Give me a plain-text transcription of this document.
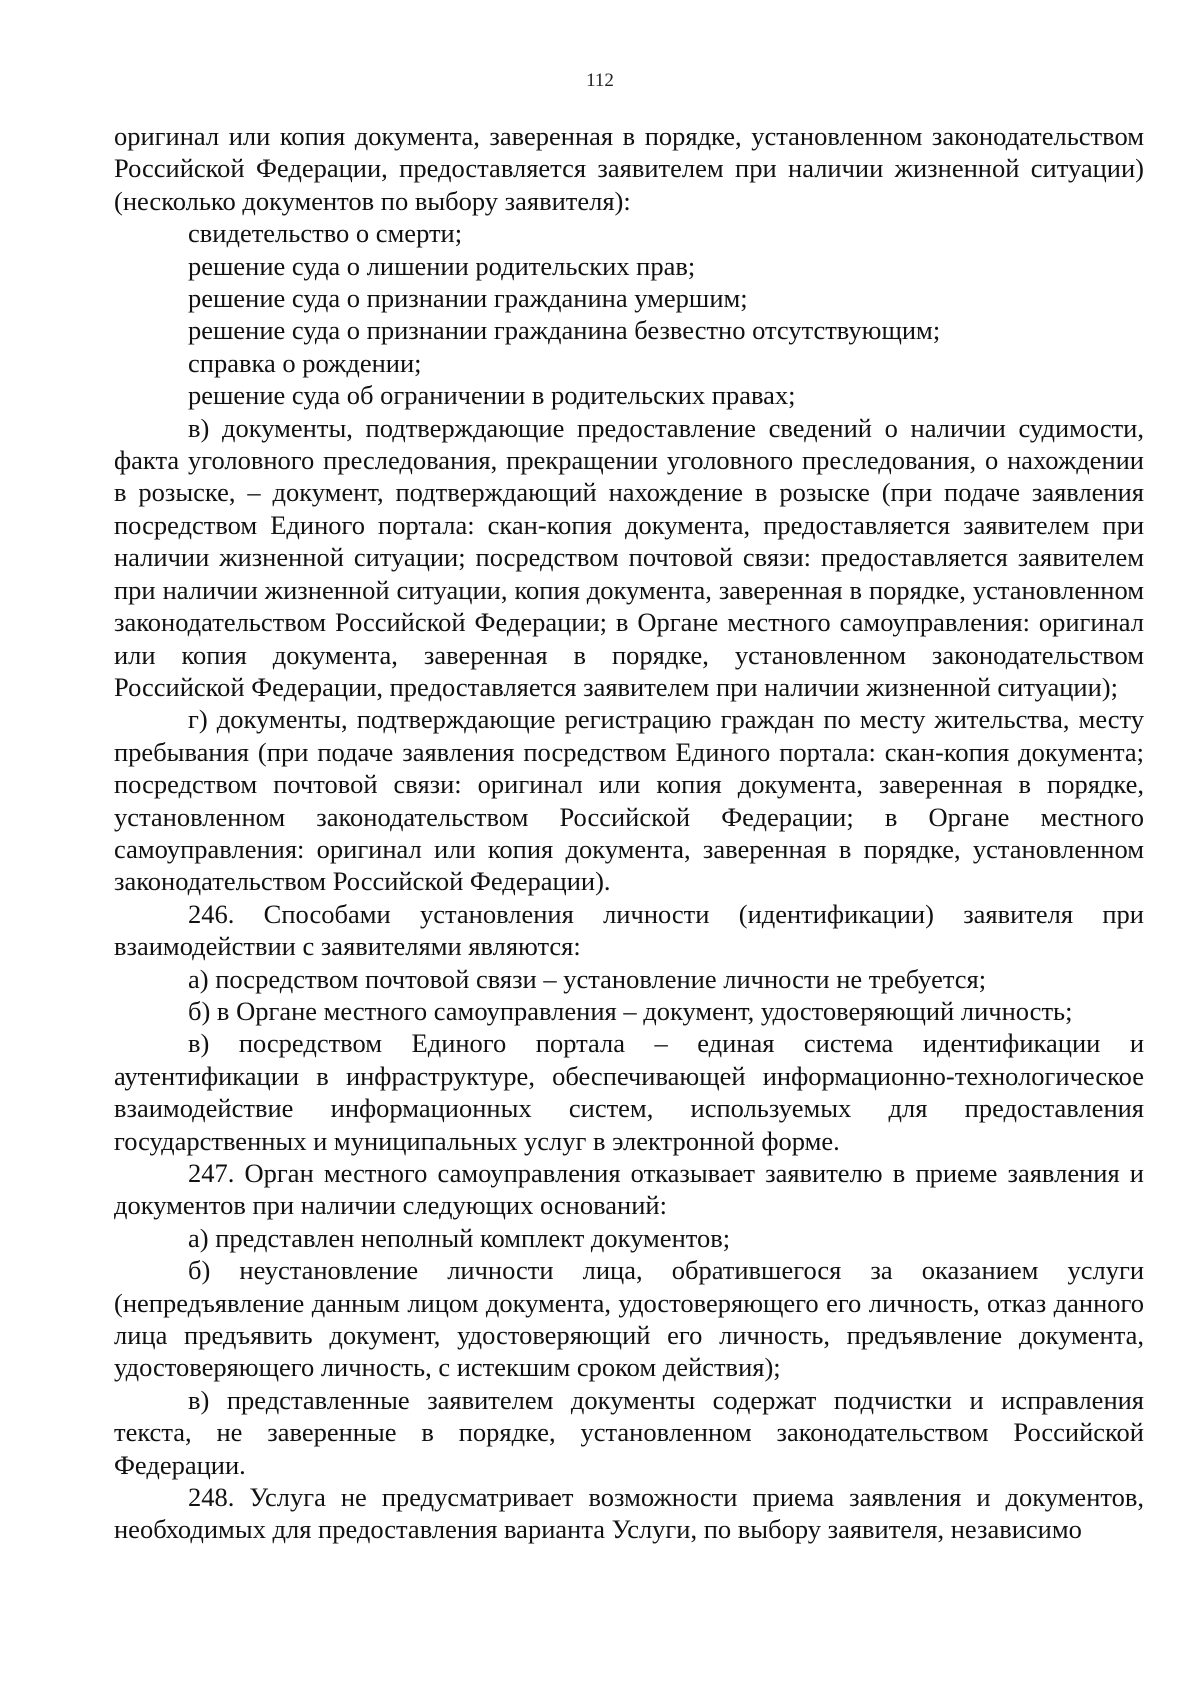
112

оригинал или копия документа, заверенная в порядке, установленном законодательством Российской Федерации, предоставляется заявителем при наличии жизненной ситуации) (несколько документов по выбору заявителя):

свидетельство о смерти;

решение суда о лишении родительских прав;

решение суда о признании гражданина умершим;

решение суда о признании гражданина безвестно отсутствующим;

справка о рождении;

решение суда об ограничении в родительских правах;

в) документы, подтверждающие предоставление сведений о наличии судимости, факта уголовного преследования, прекращении уголовного преследования, о нахождении в розыске, – документ, подтверждающий нахождение в розыске (при подаче заявления посредством Единого портала: скан-копия документа, предоставляется заявителем при наличии жизненной ситуации; посредством почтовой связи: предоставляется заявителем при наличии жизненной ситуации, копия документа, заверенная в порядке, установленном законодательством Российской Федерации; в Органе местного самоуправления: оригинал или копия документа, заверенная в порядке, установленном законодательством Российской Федерации, предоставляется заявителем при наличии жизненной ситуации);

г) документы, подтверждающие регистрацию граждан по месту жительства, месту пребывания (при подаче заявления посредством Единого портала: скан-копия документа; посредством почтовой связи: оригинал или копия документа, заверенная в порядке, установленном законодательством Российской Федерации; в Органе местного самоуправления: оригинал или копия документа, заверенная в порядке, установленном законодательством Российской Федерации).

246. Способами установления личности (идентификации) заявителя при взаимодействии с заявителями являются:

а) посредством почтовой связи – установление личности не требуется;

б) в Органе местного самоуправления – документ, удостоверяющий личность;

в) посредством Единого портала – единая система идентификации и аутентификации в инфраструктуре, обеспечивающей информационно-технологическое взаимодействие информационных систем, используемых для предоставления государственных и муниципальных услуг в электронной форме.

247. Орган местного самоуправления отказывает заявителю в приеме заявления и документов при наличии следующих оснований:

а) представлен неполный комплект документов;

б) неустановление личности лица, обратившегося за оказанием услуги (непредъявление данным лицом документа, удостоверяющего его личность, отказ данного лица предъявить документ, удостоверяющий его личность, предъявление документа, удостоверяющего личность, с истекшим сроком действия);

в) представленные заявителем документы содержат подчистки и исправления текста, не заверенные в порядке, установленном законодательством Российской Федерации.

248. Услуга не предусматривает возможности приема заявления и документов, необходимых для предоставления варианта Услуги, по выбору заявителя, независимо
